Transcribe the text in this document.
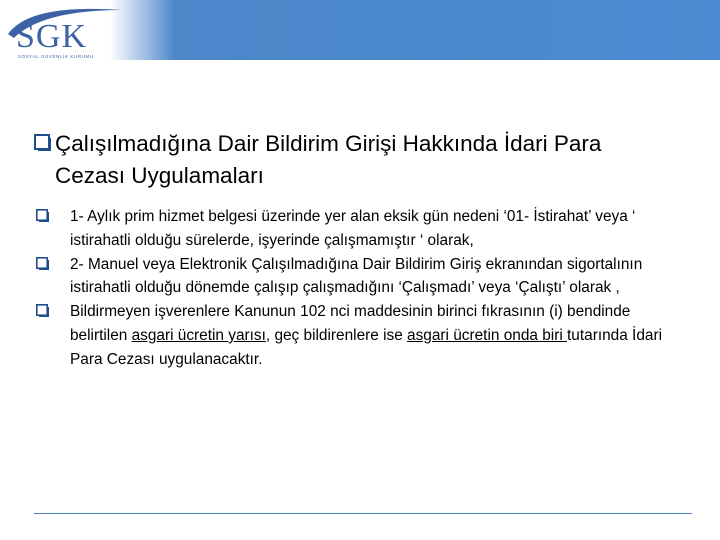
SGK
SOSYAL GÜVENLİK KURUMU
Çalışılmadığına Dair Bildirim Girişi Hakkında İdari Para Cezası Uygulamaları
1- Aylık prim hizmet belgesi üzerinde yer alan eksik gün nedeni ‘01- İstirahat’ veya ‘ istirahatli olduğu sürelerde, işyerinde çalışmamıştır ‘ olarak,
2- Manuel veya Elektronik Çalışılmadığına Dair Bildirim Giriş ekranından sigortalının istirahatli olduğu dönemde çalışıp çalışmadığını ‘Çalışmadı’ veya ‘Çalıştı’ olarak ,
Bildirmeyen işverenlere Kanunun 102 nci maddesinin birinci fıkrasının (i) bendinde belirtilen asgari ücretin yarısı, geç bildirenlere ise asgari ücretin onda biri tutarında İdari Para Cezası uygulanacaktır.
